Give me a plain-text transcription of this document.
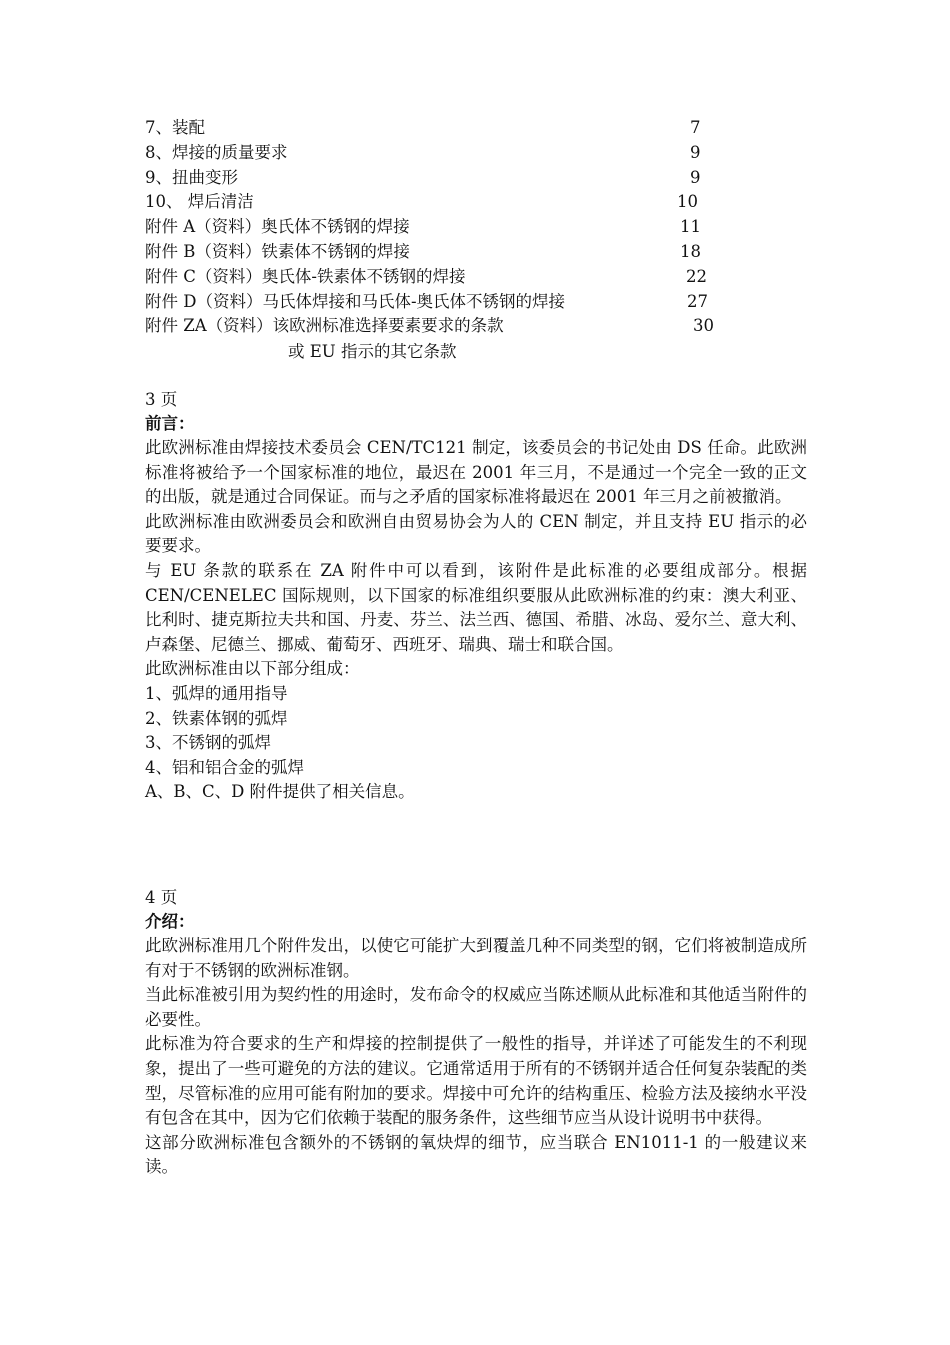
7、装配	7
8、焊接的质量要求	9
9、扭曲变形	9
10、 焊后清洁	10
附件 A（资料）奥氏体不锈钢的焊接	11
附件 B（资料）铁素体不锈钢的焊接	18
附件 C（资料）奥氏体-铁素体不锈钢的焊接	22
附件 D（资料）马氏体焊接和马氏体-奥氏体不锈钢的焊接	27
附件 ZA（资料）该欧洲标准选择要素要求的条款	30
或 EU 指示的其它条款
3 页
前言：

此欧洲标准由焊接技术委员会 CEN/TC121 制定，该委员会的书记处由 DS 任命。此欧洲标准将被给予一个国家标准的地位，最迟在 2001 年三月，不是通过一个完全一致的正文的出版，就是通过合同保证。而与之矛盾的国家标准将最迟在 2001 年三月之前被撤消。

此欧洲标准由欧洲委员会和欧洲自由贸易协会为人的 CEN 制定，并且支持 EU 指示的必要要求。

与 EU 条款的联系在 ZA 附件中可以看到，该附件是此标准的必要组成部分。根据 CEN/CENELEC 国际规则，以下国家的标准组织要服从此欧洲标准的约束：澳大利亚、比利时、捷克斯拉夫共和国、丹麦、芬兰、法兰西、德国、希腊、冰岛、爱尔兰、意大利、卢森堡、尼德兰、挪威、葡萄牙、西班牙、瑞典、瑞士和联合国。

此欧洲标准由以下部分组成：

1、弧焊的通用指导

2、铁素体钢的弧焊

3、不锈钢的弧焊

4、铝和铝合金的弧焊

A、B、C、D 附件提供了相关信息。

4 页
介绍：

此欧洲标准用几个附件发出，以使它可能扩大到覆盖几种不同类型的钢，它们将被制造成所有对于不锈钢的欧洲标准钢。

当此标准被引用为契约性的用途时，发布命令的权威应当陈述顺从此标准和其他适当附件的必要性。

此标准为符合要求的生产和焊接的控制提供了一般性的指导，并详述了可能发生的不利现象，提出了一些可避免的方法的建议。它通常适用于所有的不锈钢并适合任何复杂装配的类型，尽管标准的应用可能有附加的要求。焊接中可允许的结构重压、检验方法及接纳水平没有包含在其中，因为它们依赖于装配的服务条件，这些细节应当从设计说明书中获得。

这部分欧洲标准包含额外的不锈钢的氧炔焊的细节，应当联合 EN1011-1 的一般建议来读。
